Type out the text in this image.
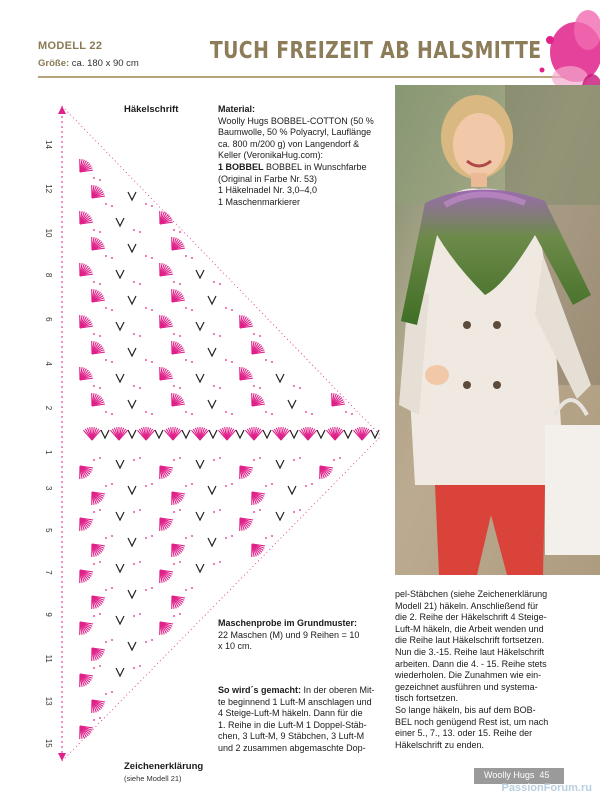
MODELL 22
Größe: ca. 180 x 90 cm	TUCH FREIZEIT AB HALSMITTE
Häkelschrift
14
12
10
8
6
4
2
1
3
5
7
9
11
13
15

Material:

Woolly Hugs BOBBEL-COTTON (50 %

Baumwolle, 50 % Polyacryl, Lauflänge

ca. 800 m/200 g) von Langendorf &

Keller (VeronikaHug.com):

1 BOBBEL BOBBEL in Wunschfarbe

(Original in Farbe Nr. 53)

1 Häkelnadel Nr. 3,0–4,0

1 Maschenmarkierer

Maschenprobe im Grundmuster:

22 Maschen (M) und 9 Reihen = 10

x 10 cm.

So wird´s gemacht: In der oberen Mit-

te beginnend 1 Luft-M anschlagen und

4 Steige-Luft-M häkeln. Dann für die

1. Reihe in die Luft-M 1 Doppel-Stäb-

chen, 3 Luft-M, 9 Stäbchen, 3 Luft-M

und 2 zusammen abgemaschte Dop-

pel-Stäbchen (siehe Zeichenerklärung

Modell 21) häkeln. Anschließend für

die 2. Reihe der Häkelschrift 4 Steige-

Luft-M häkeln, die Arbeit wenden und

die Reihe laut Häkelschrift fortsetzen.

Nun die 3.-15. Reihe laut Häkelschrift

arbeiten. Dann die 4. - 15. Reihe stets

wiederholen. Die Zunahmen wie ein-

gezeichnet ausführen und systema-

tisch fortsetzen.

So lange häkeln, bis auf dem BOB-

BEL noch genügend Rest ist, um nach

einer 5., 7., 13. oder 15. Reihe der

Häkelschrift zu enden.

Zeichenerklärung
(siehe Modell 21)	Woolly Hugs 45
PassionForum.ru
